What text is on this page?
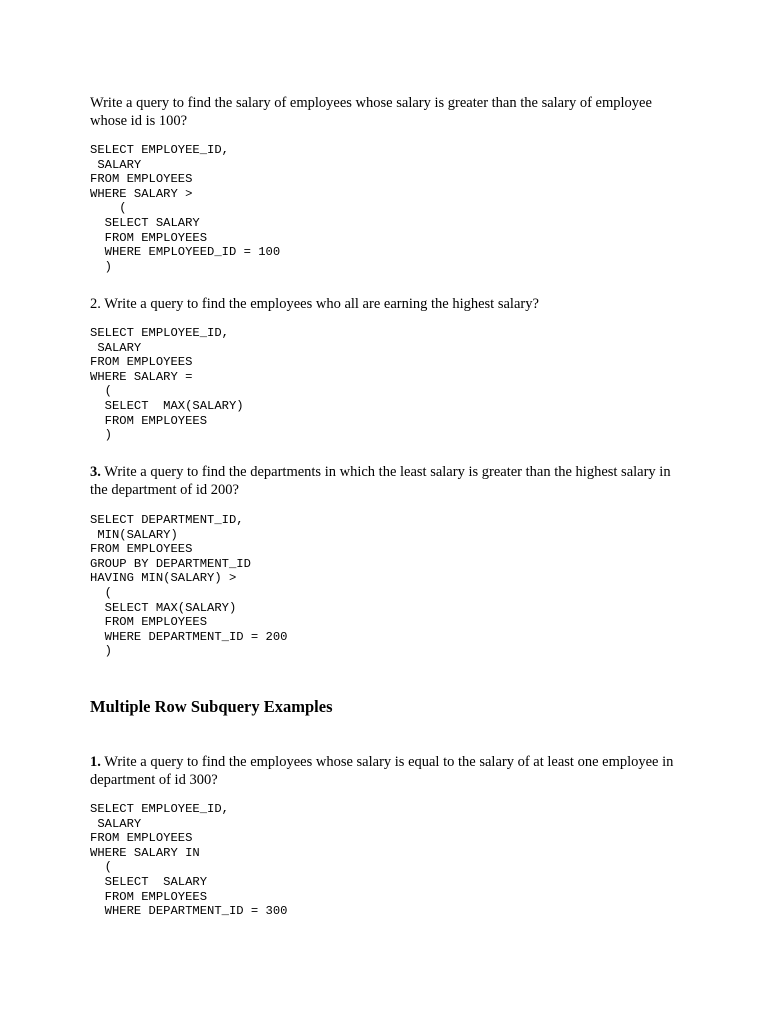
Write a query to find the salary of employees whose salary is greater than the salary of employee whose id is 100?
SELECT EMPLOYEE_ID,
SALARY
FROM EMPLOYEES
WHERE SALARY >
(
SELECT SALARY
FROM EMPLOYEES
WHERE EMPLOYEED_ID = 100
)
2. Write a query to find the employees who all are earning the highest salary?
SELECT EMPLOYEE_ID,
SALARY
FROM EMPLOYEES
WHERE SALARY =
(
SELECT  MAX(SALARY)
FROM EMPLOYEES
)
3. Write a query to find the departments in which the least salary is greater than the highest salary in the department of id 200?
SELECT DEPARTMENT_ID,
MIN(SALARY)
FROM EMPLOYEES
GROUP BY DEPARTMENT_ID
HAVING MIN(SALARY) >
(
SELECT MAX(SALARY)
FROM EMPLOYEES
WHERE DEPARTMENT_ID = 200
)
Multiple Row Subquery Examples
1. Write a query to find the employees whose salary is equal to the salary of at least one employee in department of id 300?
SELECT EMPLOYEE_ID,
SALARY
FROM EMPLOYEES
WHERE SALARY IN
(
SELECT  SALARY
FROM EMPLOYEES
WHERE DEPARTMENT_ID = 300
